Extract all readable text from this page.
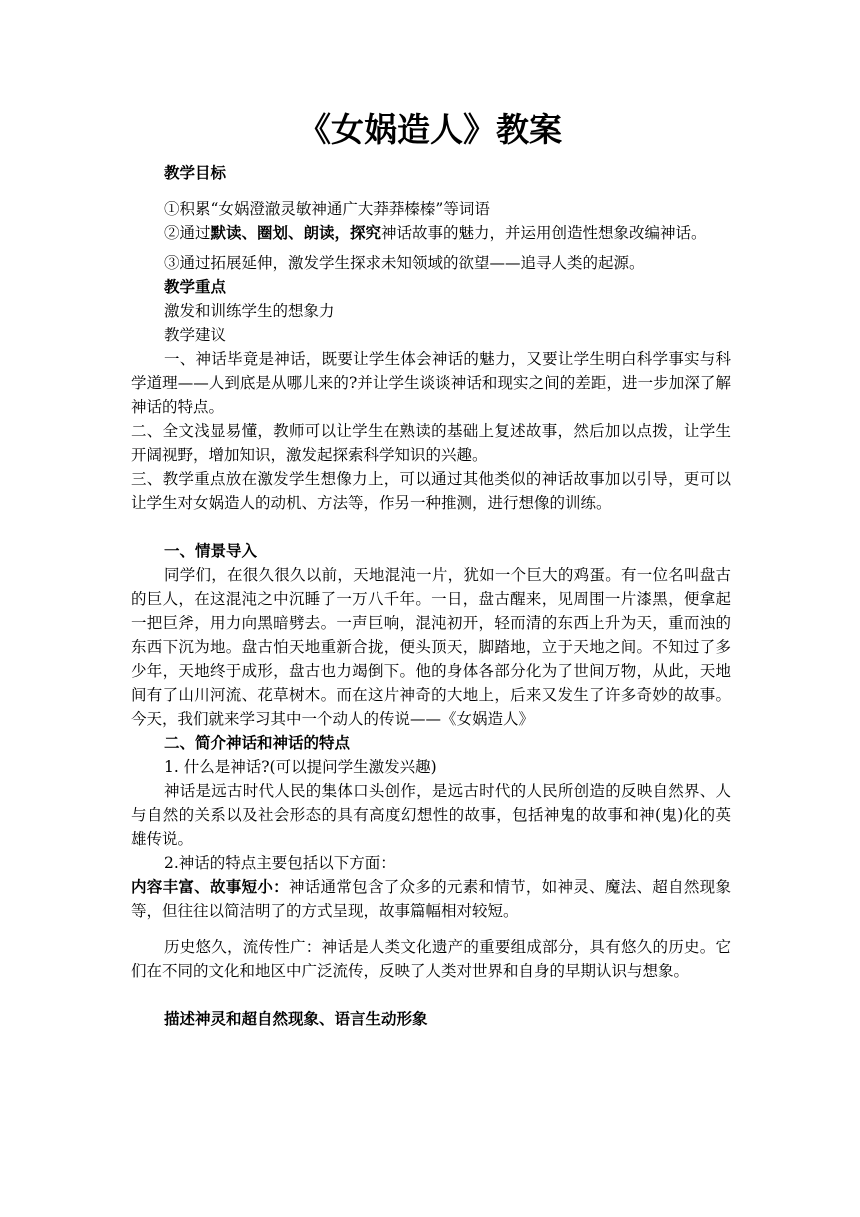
《女娲造人》教案

教学目标

①积累“女娲澄澈灵敏神通广大莽莽榛榛”等词语

②通过默读、圈划、朗读，探究神话故事的魅力，并运用创造性想象改编神话。

③通过拓展延伸，激发学生探求未知领域的欲望——追寻人类的起源。

教学重点

激发和训练学生的想象力

教学建议

一、神话毕竟是神话，既要让学生体会神话的魅力，又要让学生明白科学事实与科学道理——人到底是从哪儿来的?并让学生谈谈神话和现实之间的差距，进一步加深了解神话的特点。

二、全文浅显易懂，教师可以让学生在熟读的基础上复述故事，然后加以点拨，让学生开阔视野，增加知识，激发起探索科学知识的兴趣。

三、教学重点放在激发学生想像力上，可以通过其他类似的神话故事加以引导，更可以让学生对女娲造人的动机、方法等，作另一种推测，进行想像的训练。

一、情景导入

同学们，在很久很久以前，天地混沌一片，犹如一个巨大的鸡蛋。有一位名叫盘古的巨人，在这混沌之中沉睡了一万八千年。一日，盘古醒来，见周围一片漆黑，便拿起一把巨斧，用力向黑暗劈去。一声巨响，混沌初开，轻而清的东西上升为天，重而浊的东西下沉为地。盘古怕天地重新合拢，便头顶天，脚踏地，立于天地之间。不知过了多少年，天地终于成形，盘古也力竭倒下。他的身体各部分化为了世间万物，从此，天地间有了山川河流、花草树木。而在这片神奇的大地上，后来又发生了许多奇妙的故事。今天，我们就来学习其中一个动人的传说——《女娲造人》

二、简介神话和神话的特点

1. 什么是神话?(可以提问学生激发兴趣)

神话是远古时代人民的集体口头创作，是远古时代的人民所创造的反映自然界、人与自然的关系以及社会形态的具有高度幻想性的故事，包括神鬼的故事和神(鬼)化的英雄传说。

2.神话的特点主要包括以下方面：

内容丰富、故事短小：神话通常包含了众多的元素和情节，如神灵、魔法、超自然现象等，但往往以简洁明了的方式呈现，故事篇幅相对较短。

历史悠久，流传性广：神话是人类文化遗产的重要组成部分，具有悠久的历史。它们在不同的文化和地区中广泛流传，反映了人类对世界和自身的早期认识与想象。

描述神灵和超自然现象、语言生动形象
